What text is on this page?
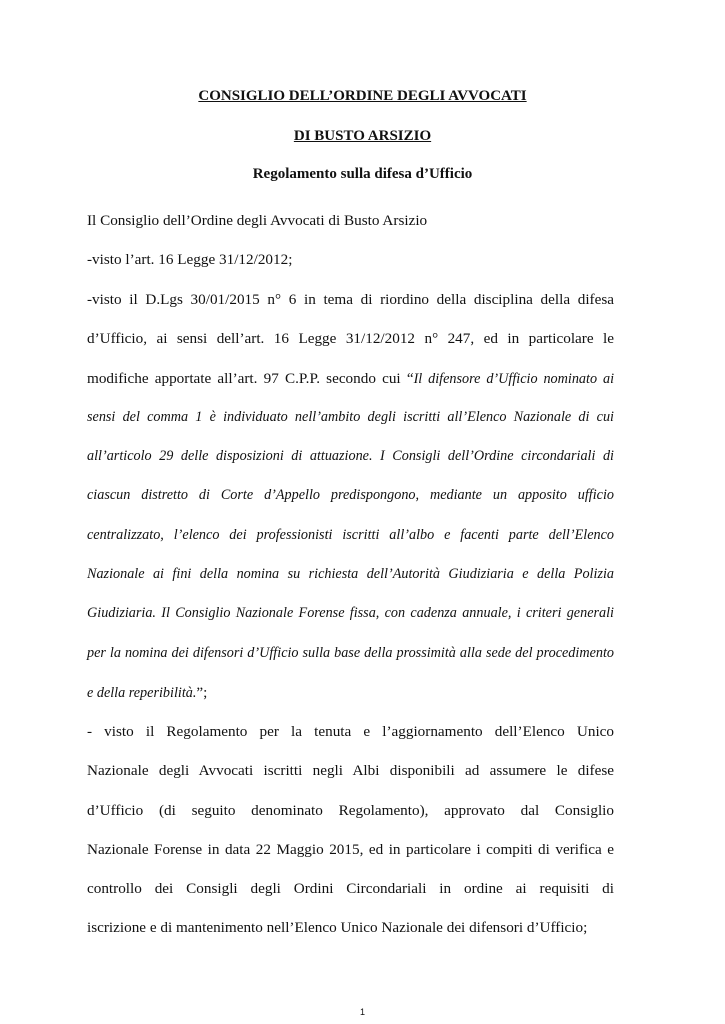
CONSIGLIO DELL’ORDINE DEGLI AVVOCATI
DI BUSTO ARSIZIO
Regolamento sulla difesa d’Ufficio
Il Consiglio dell’Ordine degli Avvocati di Busto Arsizio
-visto l’art. 16 Legge 31/12/2012;
-visto il D.Lgs 30/01/2015 n° 6 in tema di riordino della disciplina della difesa
d’Ufficio, ai sensi dell’art. 16 Legge 31/12/2012 n° 247, ed in particolare le
modifiche apportate all’art. 97 C.P.P. secondo cui “Il difensore d’Ufficio nominato ai
sensi del comma 1 è individuato nell’ambito degli iscritti all’Elenco Nazionale di cui
all’articolo 29 delle disposizioni di attuazione. I Consigli dell’Ordine circondariali di
ciascun distretto di Corte d’Appello predispongono, mediante un apposito ufficio
centralizzato, l’elenco dei professionisti iscritti all’albo e facenti parte dell’Elenco
Nazionale ai fini della nomina su richiesta dell’Autorità Giudiziaria e della Polizia
Giudiziaria. Il Consiglio Nazionale Forense fissa, con cadenza annuale, i criteri generali
per la nomina dei difensori d’Ufficio sulla base della prossimità alla sede del procedimento
e della reperibilità.”;
- visto il Regolamento per la tenuta e l’aggiornamento dell’Elenco Unico
Nazionale degli Avvocati iscritti negli Albi disponibili ad assumere le difese
d’Ufficio (di seguito denominato Regolamento), approvato dal Consiglio
Nazionale Forense in data 22 Maggio 2015, ed in particolare i compiti di verifica e
controllo dei Consigli degli Ordini Circondariali in ordine ai requisiti di
iscrizione e di mantenimento nell’Elenco Unico Nazionale dei difensori d’Ufficio;
1
